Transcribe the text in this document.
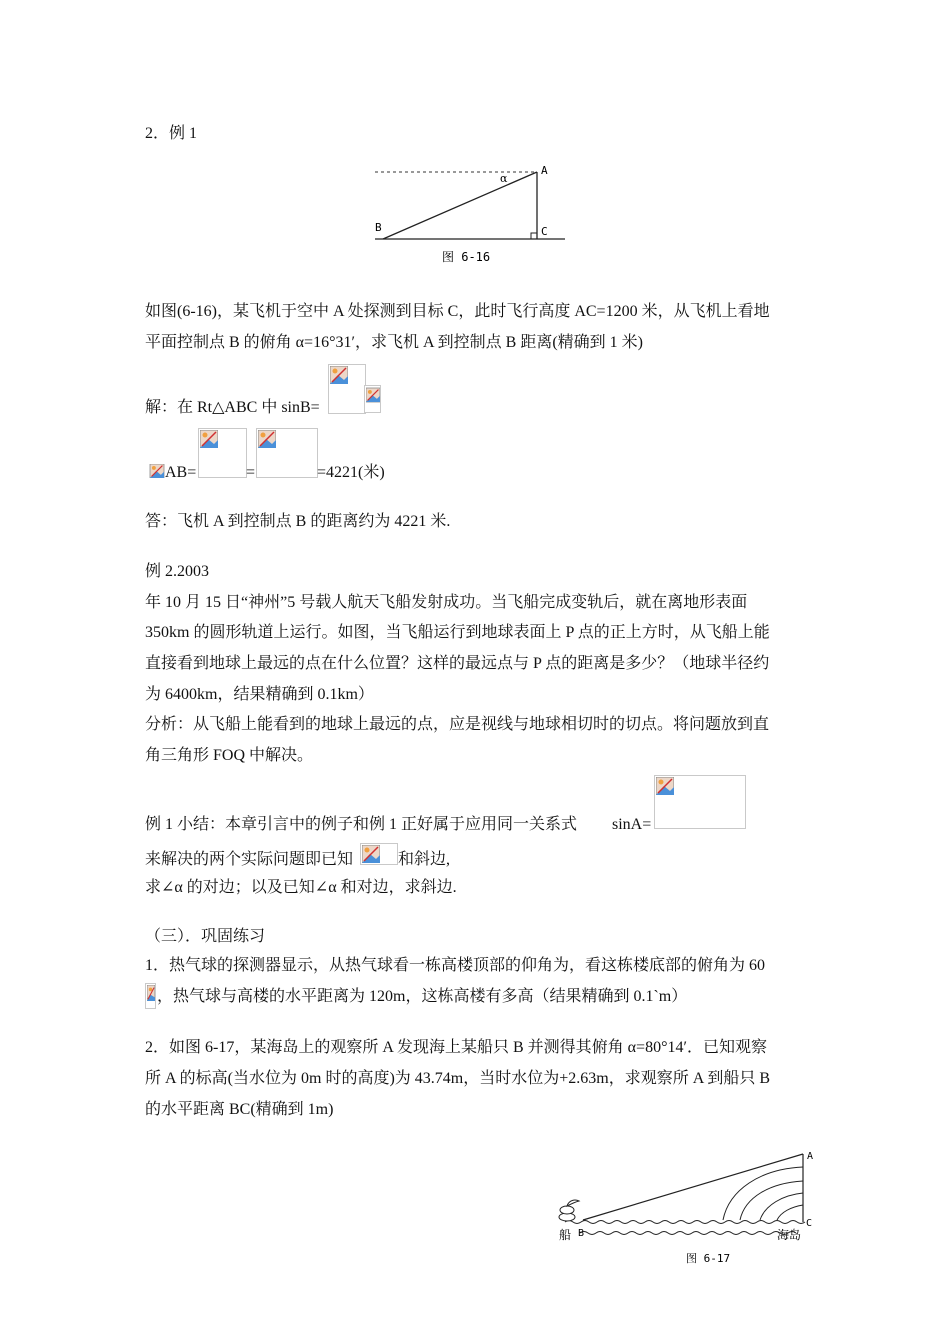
2．例 1
A
B	C
α
图 6-16
如图(6-16)，某飞机于空中 A 处探测到目标 C，此时飞行高度 AC=1200 米，从飞机上看地
平面控制点 B 的俯角 α=16°31′，求飞机 A 到控制点 B 距离(精确到 1 米)
解：在 Rt△ABC 中 sinB=
AB=	=	=4221(米)
答：飞机 A 到控制点 B 的距离约为 4221 米.
例 2.2003
年 10 月 15 日“神州”5 号载人航天飞船发射成功。当飞船完成变轨后，就在离地形表面
350km 的圆形轨道上运行。如图，当飞船运行到地球表面上 P 点的正上方时，从飞船上能
直接看到地球上最远的点在什么位置？这样的最远点与 P 点的距离是多少？（地球半径约
为 6400km，结果精确到 0.1km）
分析：从飞船上能看到的地球上最远的点，应是视线与地球相切时的切点。将问题放到直
角三角形 FOQ 中解决。
例 1 小结：本章引言中的例子和例 1 正好属于应用同一关系式 sinA=
来解决的两个实际问题即已知	和斜边,
求∠α 的对边；以及已知∠α 和对边，求斜边.
（三）．巩固练习
1．热气球的探测器显示，从热气球看一栋高楼顶部的仰角为，看这栋楼底部的俯角为 60
，热气球与高楼的水平距离为 120m，这栋高楼有多高（结果精确到 0.1`m）
2．如图 6-17，某海岛上的观察所 A 发现海上某船只 B 并测得其俯角 α=80°14′．已知观察
所 A 的标高(当水位为 0m 时的高度)为 43.74m，当时水位为+2.63m，求观察所 A 到船只 B
的水平距离 BC(精确到 1m)
A
B
C
船	海岛
图 6-17
